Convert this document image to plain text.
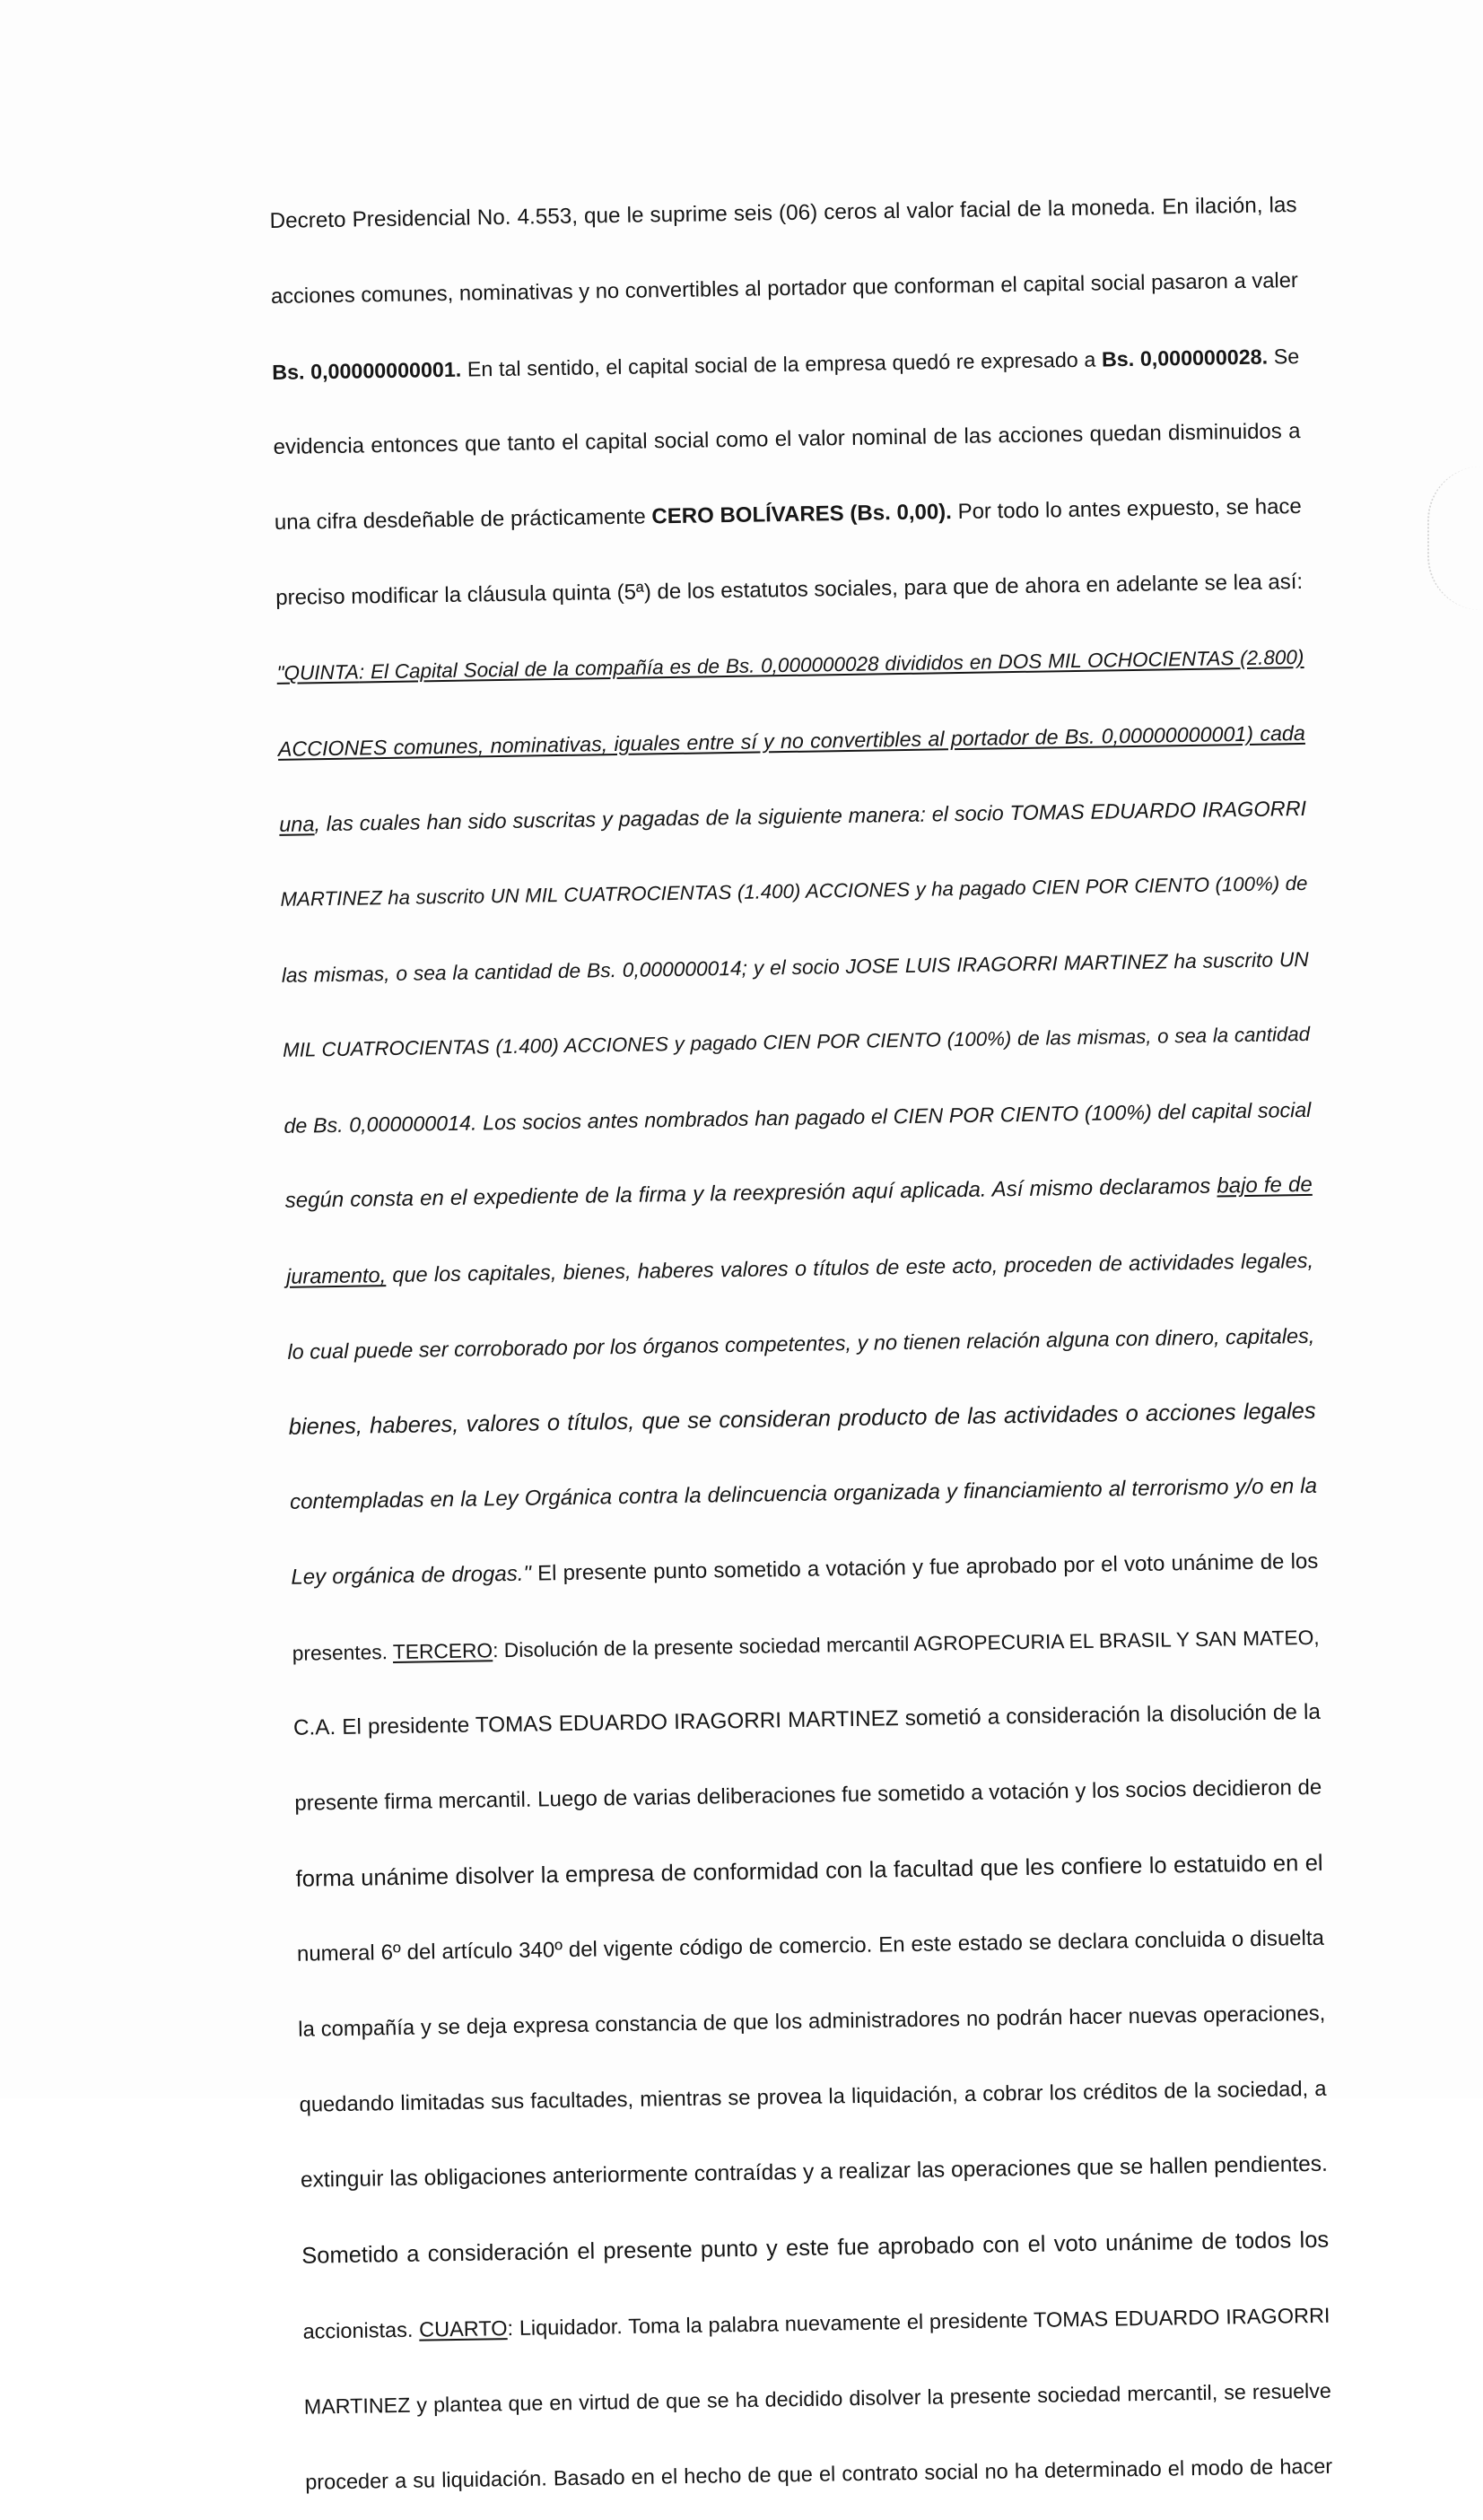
Decreto Presidencial No. 4.553, que le suprime seis (06) ceros al valor facial de la moneda. En ilación, las
acciones comunes, nominativas y no convertibles al portador que conforman el capital social pasaron a valer
Bs. 0,00000000001. En tal sentido, el capital social de la empresa quedó re expresado a Bs. 0,000000028. Se
evidencia entonces que tanto el capital social como el valor nominal de las acciones quedan disminuidos a
una cifra desdeñable de prácticamente CERO BOLÍVARES (Bs. 0,00). Por todo lo antes expuesto, se hace
preciso modificar la cláusula quinta (5ª) de los estatutos sociales, para que de ahora en adelante se lea así:
"QUINTA: El Capital Social de la compañía es de Bs. 0,000000028 divididos en DOS MIL OCHOCIENTAS (2.800)
ACCIONES comunes, nominativas, iguales entre sí y no convertibles al portador de Bs. 0,00000000001) cada
una, las cuales han sido suscritas y pagadas de la siguiente manera: el socio TOMAS EDUARDO IRAGORRI
MARTINEZ ha suscrito UN MIL CUATROCIENTAS (1.400) ACCIONES y ha pagado CIEN POR CIENTO (100%) de
las mismas, o sea la cantidad de Bs. 0,000000014; y el socio JOSE LUIS IRAGORRI MARTINEZ ha suscrito UN
MIL CUATROCIENTAS (1.400) ACCIONES y pagado CIEN POR CIENTO (100%) de las mismas, o sea la cantidad
de Bs. 0,000000014. Los socios antes nombrados han pagado el CIEN POR CIENTO (100%) del capital social
según consta en el expediente de la firma y la reexpresión aquí aplicada. Así mismo declaramos bajo fe de
juramento, que los capitales, bienes, haberes valores o títulos de este acto, proceden de actividades legales,
lo cual puede ser corroborado por los órganos competentes, y no tienen relación alguna con dinero, capitales,
bienes, haberes, valores o títulos, que se consideran producto de las actividades o acciones legales
contempladas en la Ley Orgánica contra la delincuencia organizada y financiamiento al terrorismo y/o en la
Ley orgánica de drogas." El presente punto sometido a votación y fue aprobado por el voto unánime de los
presentes. TERCERO: Disolución de la presente sociedad mercantil AGROPECURIA EL BRASIL Y SAN MATEO,
C.A. El presidente TOMAS EDUARDO IRAGORRI MARTINEZ sometió a consideración la disolución de la
presente firma mercantil. Luego de varias deliberaciones fue sometido a votación y los socios decidieron de
forma unánime disolver la empresa de conformidad con la facultad que les confiere lo estatuido en el
numeral 6º del artículo 340º del vigente código de comercio. En este estado se declara concluida o disuelta
la compañía y se deja expresa constancia de que los administradores no podrán hacer nuevas operaciones,
quedando limitadas sus facultades, mientras se provea la liquidación, a cobrar los créditos de la sociedad, a
extinguir las obligaciones anteriormente contraídas y a realizar las operaciones que se hallen pendientes.
Sometido a consideración el presente punto y este fue aprobado con el voto unánime de todos los
accionistas. CUARTO: Liquidador. Toma la palabra nuevamente el presidente TOMAS EDUARDO IRAGORRI
MARTINEZ y plantea que en virtud de que se ha decidido disolver la presente sociedad mercantil, se resuelve
proceder a su liquidación. Basado en el hecho de que el contrato social no ha determinado el modo de hacer
